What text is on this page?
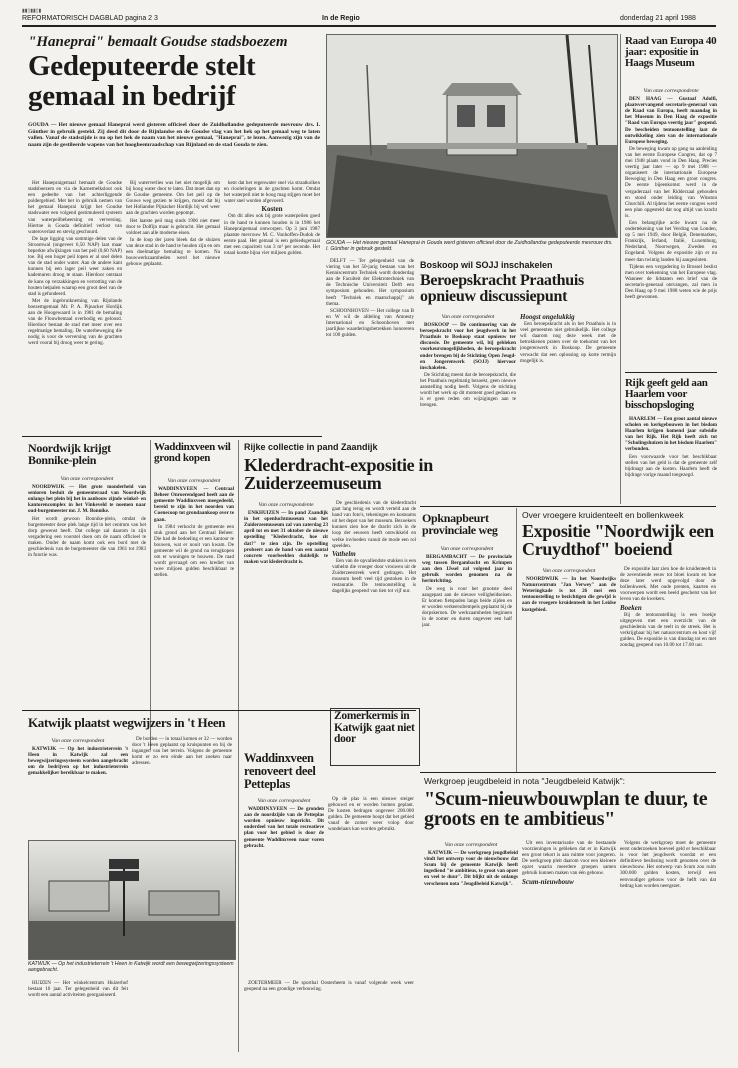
▮▮▯▮▮▯▮
REFORMATORISCH DAGBLAD pagina 2 3	In de Regio	donderdag 21 april 1988
"Haneprai" bemaalt Goudse stadsboezem
Gedeputeerde stelt gemaal in bedrijf
GOUDA — Het nieuwe gemaal Haneprai werd gisteren officieel door de Zuidhollandse gedeputeerde mevrouw drs. I. Günther in gebruik gesteld. Zij deed dit door de Rijnlandse en de Goudse vlag van het hek op het gemaal weg te laten vallen. Vanaf de stadszijde is nu op het hek de naam van het nieuwe gemaal, "Haneprai", te lezen. Aanwezig zijn van de naam zijn de gestileerde wapens van het hoogheemraadschap van Rijnland en de stad Gouda te zien.

Het Hanepraigemaal bemaalt de Goudse stadsboezem en via de Karnemelksloot ook een gedeelte van het achterliggende poldergebied. Met het in gebruik nemen van het gemaal Haneprai krijgt het Goudse stadswater een volgend gestimuleerd systeem van waterpeilbeheersing en verversing. Hiertoe is Gouda definitief verlost van wateroverlast en stevig geschuurd.

De lage ligging van sommige delen van de Stroomwal (ongeveer 6,50 NAP) laat maar beperkte afwijkingen van het peil (0,60 NAP) toe. Bij een hoger peil lopen er al snel delen van de stad onder water. Aan de andere kant kunnen bij een lager peil weer zaken en kademuren droog te staan. Hierdoor ontstaat de kans op verzakkingen en verrotting van de houten heipalen waarop een groot deel van de stad is gefundeerd.

Met de ingebruikneming van Rijnlands boezemgemaal Mr. P. A. Pijnacker Hordijk aan de Hoogewaard is in 1981 de bemaling van de Flouwbemaal overbodig en geloosd. Hierdoor bestaat de stad met meer over een regelmatige bemaling. De waterbeweging die nodig is voor de verversing van de grachten werd vooral bij droog weer te gering.

Bij waterverlies was het niet mogelijk om bij hoog water door te laten. Dat moet dan op de Goudse gemeente. Om het peil op de Gouwe weg gezien te krijgen, moest dat bij het Hollandse Pijnacker Hordijk bij wel weer aan de grachten worden gepompt.

Het laatste peil mag sinds 1906 niet meer door te Dolfijn maar is gebracht. Het gemaal voldoet aan alle moderne eisen.

In de loop der jaren bleek dat de sluizen van deze stad in de hand te houden zijn en om een doelmatige bemaling te komen. Na bouwwerkzaamheden werd het nieuwe gebouw geplaatst.

kent dat het regenwater snel via straatkolken en riooleringen in de grachten komt. Omdat het waterpeil niet te hoog mag stijgen moet het water snel worden afgevoerd.

Kosten

Om dit alles ook bij grote waterpeilen goed in de hand te kunnen houden is in 1986 het Hanepraigemaal ontworpen. Op 3 juni 1987 plaatste mevrouw M. C. Vonhoffen-Dudok de eerste paal. Het gemaal is een gebiedsgemaal met een capaciteit van 3 m³ per seconde. Het totaal kostte bijna vier miljoen gulden.

GOUDA — Het nieuwe gemaal Haneprai in Gouda werd gisteren officieel door de Zuidhollandse gedeputeerde mevrouw drs. I. Günther in gebruik gesteld.
Raad van Europa 40 jaar: expositie in Haags Museum
Van onze correspondente

DEN HAAG — Gustaaf Adolfi, plaatsvervangend secretaris-generaal van de Raad van Europa, heeft maandag in het Museum in Den Haag de expositie "Raad van Europa veertig jaar" geopend. De bescheiden tentoonstelling laat de ontwikkeling zien van de internationale Europese beweging.

De beweging kwam op gang na aanleiding van het eerste Europese Congres, dat op 7 mei 1948 plaats vond in Den Haag. Precies veertig jaar later — op 9 mei 1988 — organiseert de internationale Europese Beweging in Den Haag een groot congres. De eerste bijeenkomst werd in de vergaderzaal van het Ridderzaal gehouden en stond onder leiding van Winston Churchill. Al tijdens het eerste congres werd een plan opgesteld dat nog altijd van kracht is.

Een belangrijke actie kwam na de ondertekening van het Verdrag van Londen, op 5 mei 1949, door België, Denemarken, Frankrijk, Ierland, Italië, Luxemburg, Nederland, Noorwegen, Zweden en Engeland. Volgens de expositie zijn er nu meer dan twintig landen bij aangesloten.

Tijdens een vergadering in Brussel beslist men over toekenning van het Europese vlag. Wanneer de lidstaten een brief van de secretaris-generaal ontvangen, zal men in Den Haag op 9 mei 1988 weten wie de prijs heeft gewonnen.

Rijk geeft geld aan Haarlem voor bisschopsloging

HAARLEM — Een groot aantal nieuwe scholen en kerkgebouwen in het bisdom Haarlem krijgen komend jaar subsidie van het Rijk. Het Rijk heeft zich tot "Scholingshuizen in het bisdom Haarlem" verbonden.

Een voorwaarde voor het beschikbaar stellen van het geld is dat de gemeente zelf bijdraagt aan de kosten. Haarlem heeft de bijdrage vorige maand toegezegd.

DELFT — Ter gelegenheid van de viering van het 50-jarig bestaan van het Kenniscentrum Techniek wordt donderdag aan de Faculteit der Elektrotechniek van de Technische Universiteit Delft een symposium gehouden. Het symposium heeft "Techniek en maatschappij" als thema.

SCHOONHOVEN — Het college van B en W wil de afdeling van Amnesty International en Schoonhoven met jaarlijkse waarderingsbetrekken honoreren tot 100 gulden.

Boskoop wil SOJJ inschakelen
Beroepskracht Praathuis opnieuw discussiepunt
Van onze correspondent

BOSKOOP — De continuering van de beroepskracht voor het jeugdwerk in het Praathuis te Boskoop staat opnieuw ter discussie. De gemeente wil, bij gebleken voorkeursmogelijkheden, de beroepskracht onder brengen bij de Stichting Open Jeugd- en Jongerenwerk (SOJJ) hiervoor inschakelen.

De Stichting meent dat de beroepskracht, die het Praathuis regelmatig bezoekt, geen nieuwe aanstelling nodig heeft. Volgens de stichting wordt het werk op dit moment goed gedaan en is er geen reden om wijzigingen aan te brengen.

Hoogst ongelukkig

Een beroepskracht als in het Praathuis is in veel gemeenten niet gebruikelijk. Het college wil daarom nog deze week met de betrokkenen praten over de toekomst van het jongerenwerk in Boskoop. De gemeente verwacht dat een oplossing op korte termijn mogelijk is.

Noordwijk krijgt Bonnike-plein
Van onze correspondent

NOORDWIJK — Het grote monderheid van senioren besluit de gemeenteraad van Noordwijk onlangs het plein bij het in aanbouw zijnde winkel- en kantorencomplex in het Vinkeveld te noemen naar oud-burgemeester mr. J. M. Bonnike.

Het wordt gewoon Bonnike-plein, omdat de burgemeester deze plek lange tijd in het centrum van het dorp gewenst heeft. Dat college zal daarom in zijn vergadering een voorstel doen om de naam officieel te maken. Onder de naam komt ook een bord met de geschiedenis van de burgemeester die van 1961 tot 1983 in functie was.

Waddinxveen wil grond kopen
Van onze correspondent

WADDINXVEEN — Centraal Beheer Onroerendgoed heeft aan de gemeente Waddinxveen meegedeeld, bereid te zijn in het noorden van Coenecoop tot grondaankoop over te gaan.

In 1984 verkocht de gemeente een stuk grond aan het Centraal Beheer. Die had de bedoeling er een kantoor te bouwen, wat er nooit van kwam. De gemeente wil de grond nu terugkopen om er woningen te bouwen. De raad wordt gevraagd om een krediet van twee miljoen gulden beschikbaar te stellen.

Rijke collectie in pand Zaandijk
Klederdracht-expositie in Zuiderzeemuseum
Van onze correspondente

ENKHUIZEN — In pand Zaandijk in het openluchtmuseum van het Zuiderzeemuseum zal van zaterdag 23 april tot en met 31 oktober de nieuwe opstelling "Klederdracht, hoe zit dat?" te zien zijn. De opstelling probeert aan de hand van een aantal concrete voorbeelden duidelijk te maken wat klederdracht is.

De geschiedenis van de klederdracht gaat lang terug en wordt verteld aan de hand van foto's, tekeningen en kostuums uit het depot van het museum. Bezoekers kunnen zien hoe de dracht zich in de loop der eeuwen heeft ontwikkeld en welke invloeden vanuit de mode een rol speelden.

Vathelm

Een van de opvallendste stukken is een vathelm die vroeger door vrouwen uit de Zuiderzeestreek werd gedragen. Het museum heeft veel tijd gestoken in de restauratie. De tentoonstelling is dagelijks geopend van tien tot vijf uur.

Opknapbeurt provinciale weg
Van onze correspondent

BERGAMBACHT — De provinciale weg tussen Bergambacht en Krimpen aan den IJssel zal volgend jaar in gebruik worden genomen na de herinrichting.

De weg is voor het grootste deel aangepast aan de nieuwe veiligheidseisen. Er komen fietspaden langs beide zijden en er worden verkeersdrempels geplaatst bij de dorpskernen. De werkzaamheden beginnen in de zomer en duren ongeveer een half jaar.

Over vroegere kruidenteelt en bollenkweek
Expositie "Noordwijk een Cruydthof" boeiend
Van onze correspondent

NOORDWIJK — In het Noordwijks Natuurcentrum "Jan Verwey" aan de Weteringkade is tot 26 mei een tentoonstelling te bezichtigen die gewijd is aan de vroegere kruidenteelt in het Leidse kustgebied.

De expositie laat zien hoe de kruidenteelt in de zeventiende eeuw tot bloei kwam en hoe deze later werd opgevolgd door de bollenkweek. Met oude prenten, kaarten en voorwerpen wordt een beeld geschetst van het leven van de kwekers.

Boeken

Bij de tentoonstelling is een boekje uitgegeven met een overzicht van de geschiedenis van de teelt in de streek. Het is verkrijgbaar bij het natuurcentrum en kost vijf gulden. De expositie is van dinsdag tot en met zondag geopend van 10.00 tot 17.00 uur.

Katwijk plaatst wegwijzers in 't Heen
Van onze correspondent

KATWIJK — Op het industrieterrein 't Heen in Katwijk zal een bewegwijzeringssysteem worden aangebracht om de bedrijven op het industrieterrein gemakkelijker bereikbaar te maken.

De borden — in totaal komen er 32 — worden door 't Heen geplaatst op kruispunten en bij de ingangen van het terrein. Volgens de gemeente komt er zo een einde aan het zoeken naar adressen.

KATWIJK — Op het industrieterrein 't Heen in Katwijk wordt een bewegwijzeringssysteem aangebracht.

HUIZEN — Het winkelcentrum Huizerhof bestaat 10 jaar. Ter gelegenheid van dit feit wordt een aantal activiteiten georganiseerd.

Waddinxveen renoveert deel Petteplas
Van onze correspondent

WADDINXVEEN — De gronden aan de noordzijde van de Petteplas worden opnieuw ingericht. Dit onderdeel van het totale recreatieve plan voor het gebied is door de gemeente Waddinxveen naar voren gebracht.

ZOETERMEER — De sporthal Oosterheem is vanaf volgende week weer geopend na een grondige verbouwing.

Op de plas is een nieuwe steiger gebouwd en er worden bomen geplant. De kosten bedragen ongeveer 200.000 gulden. De gemeente hoopt dat het gebied vanaf de zomer weer volop door wandelaars kan worden gebruikt.

Zomerkermis in Katwijk gaat niet door
Werkgroep jeugdbeleid in nota "Jeugdbeleid Katwijk":
"Scum-nieuwbouwplan te duur, te groots en te ambitieus"
Van onze correspondent

KATWIJK — De werkgroep jeugdbeleid vindt het ontwerp voor de nieuwbouw dat Scum bij de gemeente Katwijk heeft ingediend "te ambitieus, te groot van opzet en veel te duur". Dit blijkt uit de onlangs verschenen nota "Jeugdbeleid Katwijk".

Uit een inventarisatie van de bestaande voorzieningen is gebleken dat er in Katwijk een groot tekort is aan ruimte voor jongeren. De werkgroep pleit daarom voor een kleinere opzet waarin meerdere groepen samen gebruik kunnen maken van één gebouw.

Scum-nieuwbouw

Volgens de werkgroep moet de gemeente eerst onderzoeken hoeveel geld er beschikbaar is voor het jeugdwerk voordat er een definitieve beslissing wordt genomen over de nieuwbouw. Het ontwerp van Scum zou ruim 300.000 gulden kosten, terwijl een eenvoudiger gebouw voor de helft van dat bedrag kan worden neergezet.
